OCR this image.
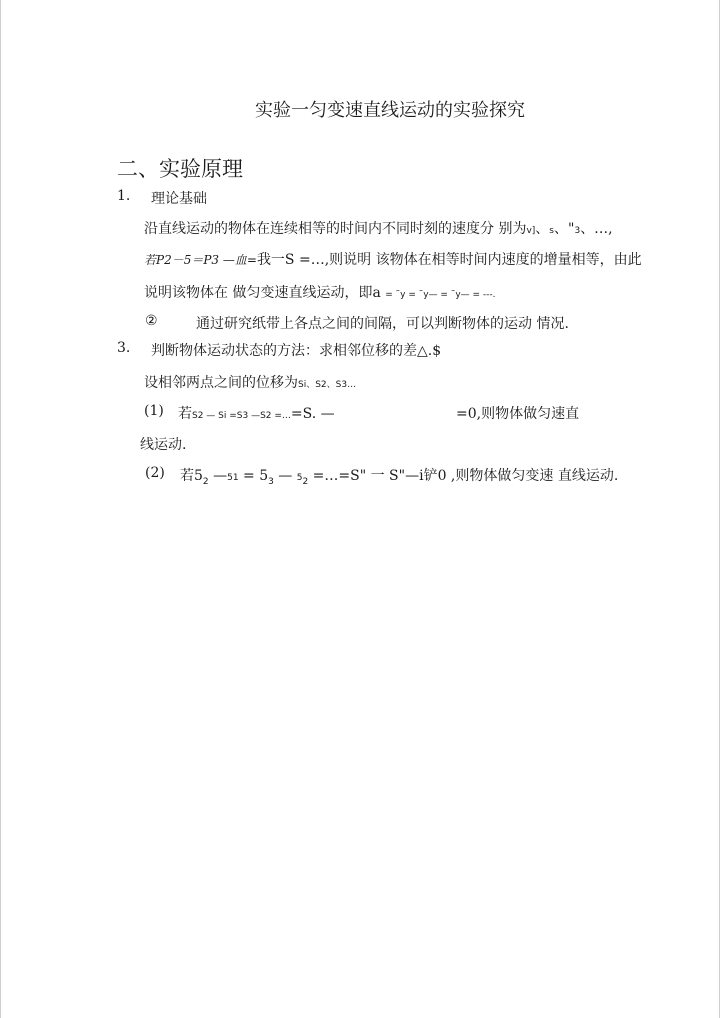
实验一匀变速直线运动的实验探究
二、实验原理
1. 理论基础
沿直线运动的物体在连续相等的时间内不同时刻的速度分 别为v]、s、"3、…,
若P2－5＝P3 —血=我一S =…,则说明 该物体在相等时间内速度的增量相等，由此
说明该物体在 做匀变速直线运动，即a = ˜y = ˜y— = ˜y— = ---.
②	通过研究纸带上各点之间的间隔，可以判断物体的运动 情况.
3. 判断物体运动状态的方法：求相邻位移的差△.$
设相邻两点之间的位移为Si、S2、S3…
(1) 若S2 — Si =S3 —S2 =…=S. —	=0,则物体做匀速直
线运动.
(2) 若$5_2$ —51 = $5_3$ — $5_2$ =…=S" 一 S"—i铲0 ,则物体做匀变速 直线运动.
